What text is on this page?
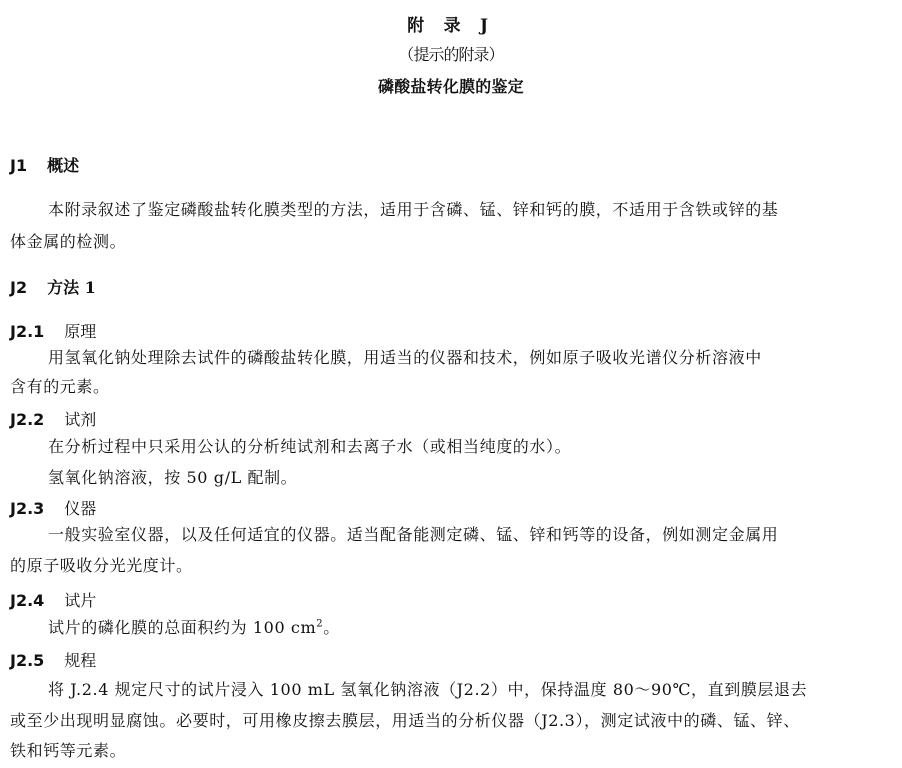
附 录 J
（提示的附录）
磷酸盐转化膜的鉴定
J1 概述
本附录叙述了鉴定磷酸盐转化膜类型的方法，适用于含磷、锰、锌和钙的膜，不适用于含铁或锌的基
体金属的检测。
J2 方法 1
J2.1 原理
用氢氧化钠处理除去试件的磷酸盐转化膜，用适当的仪器和技术，例如原子吸收光谱仪分析溶液中
含有的元素。
J2.2 试剂
在分析过程中只采用公认的分析纯试剂和去离子水（或相当纯度的水）。
氢氧化钠溶液，按 50 g/L 配制。
J2.3 仪器
一般实验室仪器，以及任何适宜的仪器。适当配备能测定磷、锰、锌和钙等的设备，例如测定金属用
的原子吸收分光光度计。
J2.4 试片
试片的磷化膜的总面积约为 100 $cm^2$。
J2.5 规程
将 J.2.4 规定尺寸的试片浸入 100 mL 氢氧化钠溶液（J2.2）中，保持温度 80～90℃，直到膜层退去
或至少出现明显腐蚀。必要时，可用橡皮擦去膜层，用适当的分析仪器（J2.3），测定试液中的磷、锰、锌、
铁和钙等元素。
